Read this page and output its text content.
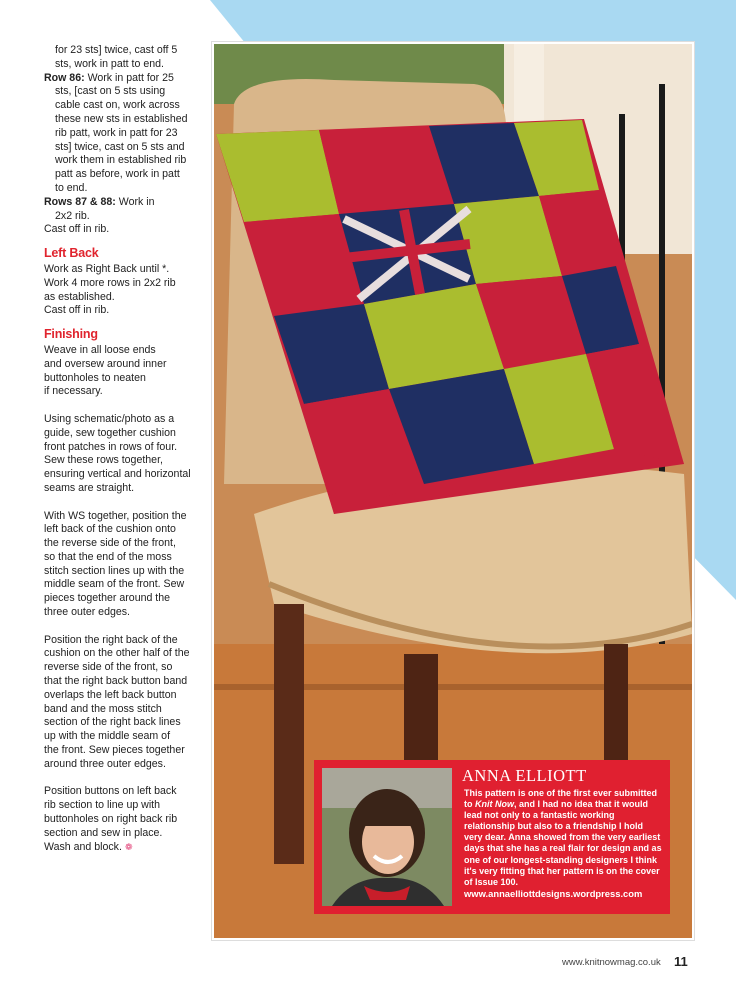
for 23 sts] twice, cast off 5

sts, work in patt to end.

Row 86: Work in patt for 25

sts, [cast on 5 sts using

cable cast on, work across

these new sts in established

rib patt, work in patt for 23

sts] twice, cast on 5 sts and

work them in established rib

patt as before, work in patt

to end.

Rows 87 & 88: Work in

2x2 rib.

Cast off in rib.

Left Back

Work as Right Back until *.

Work 4 more rows in 2x2 rib

as established.

Cast off in rib.

Finishing

Weave in all loose ends

and oversew around inner

buttonholes to neaten

if necessary.

Using schematic/photo as a

guide, sew together cushion

front patches in rows of four.

Sew these rows together,

ensuring vertical and horizontal

seams are straight.

With WS together, position the

left back of the cushion onto

the reverse side of the front,

so that the end of the moss

stitch section lines up with the

middle seam of the front. Sew

pieces together around the

three outer edges.

Position the right back of the

cushion on the other half of the

reverse side of the front, so

that the right back button band

overlaps the left back button

band and the moss stitch

section of the right back lines

up with the middle seam of

the front. Sew pieces together

around three outer edges.

Position buttons on left back

rib section to line up with

buttonholes on right back rib

section and sew in place.

Wash and block. ❁

ANNA ELLIOTT
This pattern is one of the first ever submitted to Knit Now, and I had no idea that it would lead not only to a fantastic working relationship but also to a friendship I hold very dear. Anna showed from the very earliest days that she has a real flair for design and as one of our longest-standing designers I think it's very fitting that her pattern is on the cover of Issue 100.
www.annaelliottdesigns.wordpress.com
www.knitnowmag.co.uk 11
